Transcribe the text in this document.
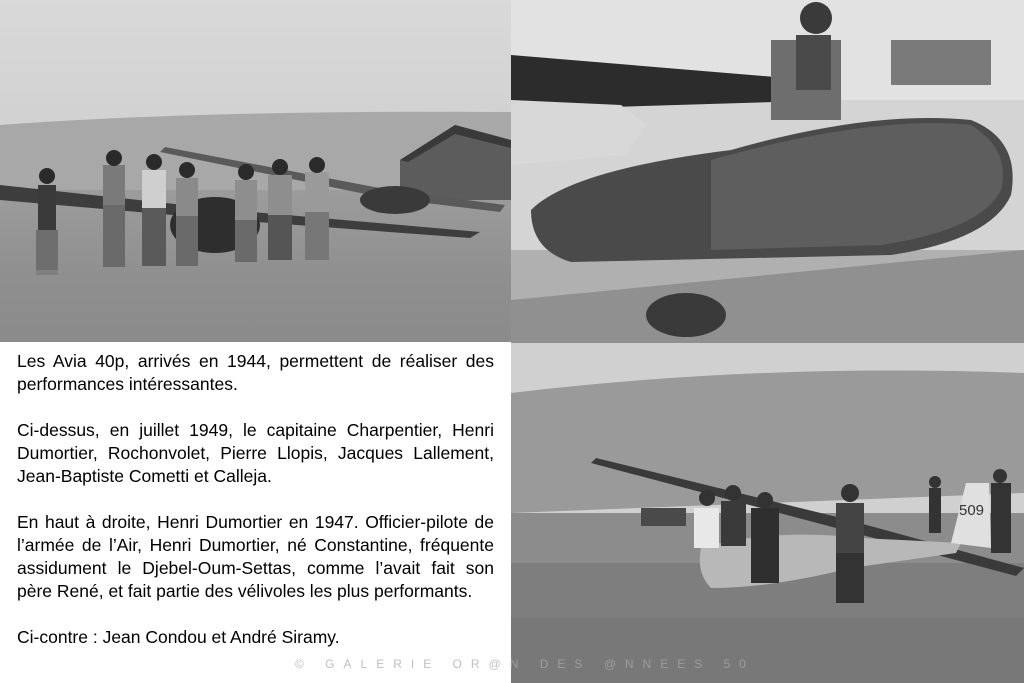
509

Les Avia 40p, arrivés en 1944, permettent de réaliser des performances intéressantes.

Ci-dessus, en juillet 1949, le capitaine Charpentier, Henri Dumortier, Rochonvolet, Pierre Llopis, Jacques Lallement, Jean-Baptiste Cometti et Calleja.

En haut à droite, Henri Dumortier en 1947. Officier-pilote de l’armée de l’Air, Henri Dumortier, né Constantine, fréquente assidument le Djebel-Oum-Settas, comme l’avait fait son père René, et fait partie des vélivoles les plus performants.

Ci-contre : Jean Condou et André Siramy.

© GALERIE OR@N DES @NNEES 50
